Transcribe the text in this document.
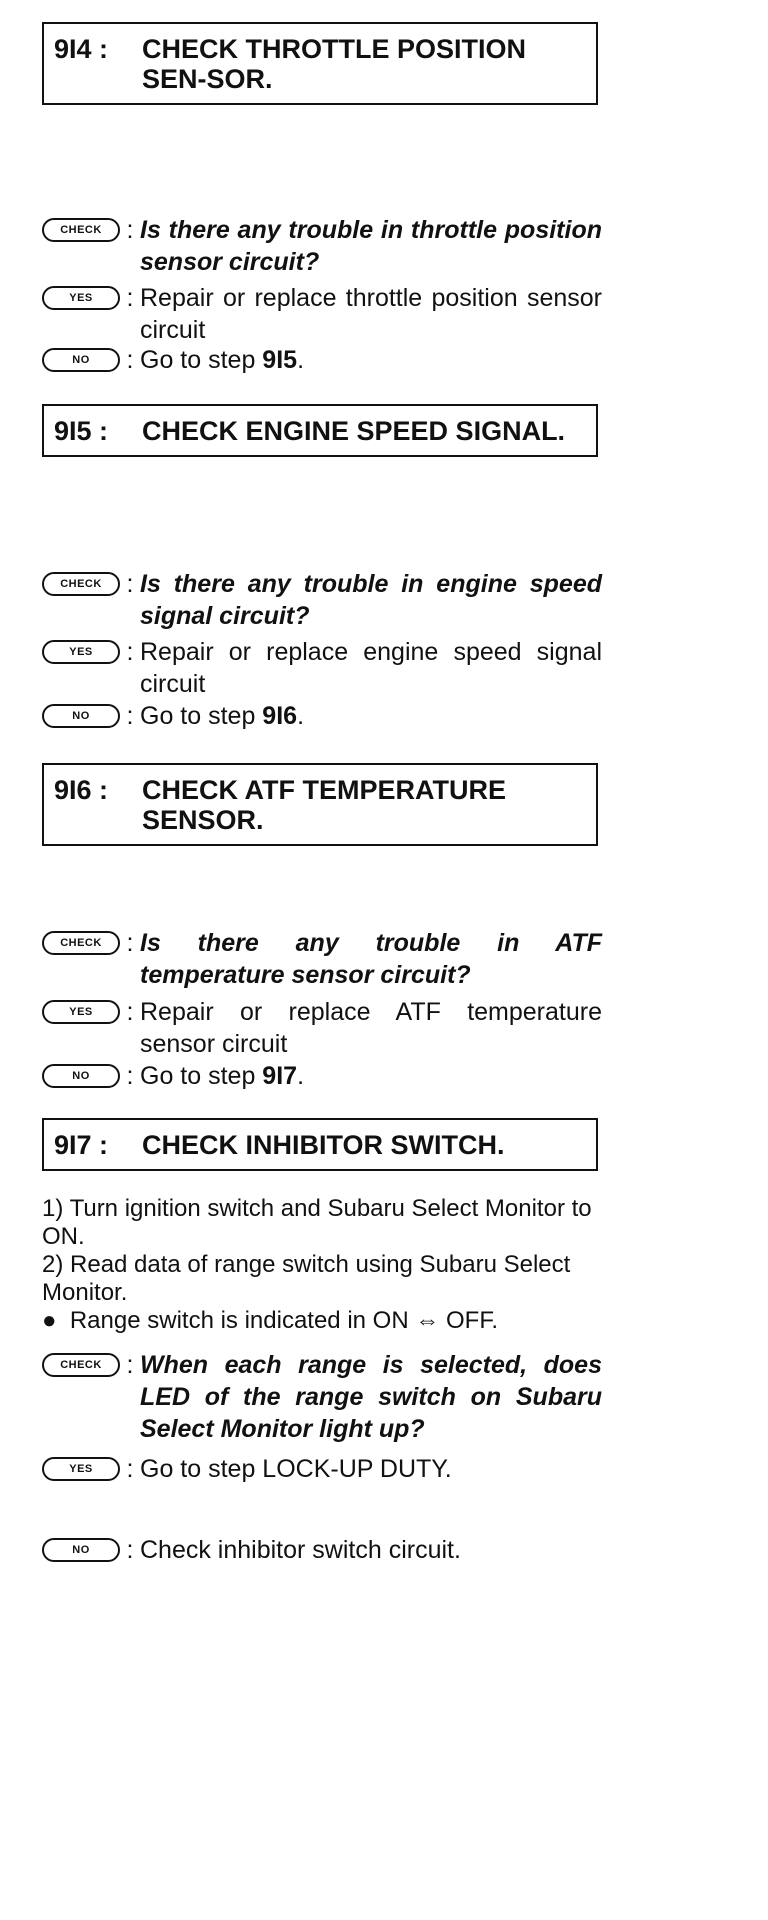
9I4 :	CHECK THROTTLE POSITION SEN-SOR.
CHECK : Is there any trouble in throttle position sensor circuit?
YES	: Repair or replace throttle position sensor circuit
NO	: Go to step 9I5.
9I5 :	CHECK ENGINE SPEED SIGNAL.
CHECK : Is there any trouble in engine speed signal circuit?
YES	: Repair or replace engine speed signal circuit
NO	: Go to step 9I6.
9I6 :	CHECK ATF TEMPERATURE SENSOR.
CHECK : Is there any trouble in ATF temperature sensor circuit?
YES	: Repair or replace ATF temperature sensor circuit
NO	: Go to step 9I7.
9I7 :	CHECK INHIBITOR SWITCH.
1) Turn ignition switch and Subaru Select Monitor to ON.
2) Read data of range switch using Subaru Select Monitor.
● Range switch is indicated in ON ⇔ OFF.
CHECK : When each range is selected, does LED of the range switch on Subaru Select Monitor light up?
YES	: Go to step LOCK-UP DUTY.
NO	: Check inhibitor switch circuit.
